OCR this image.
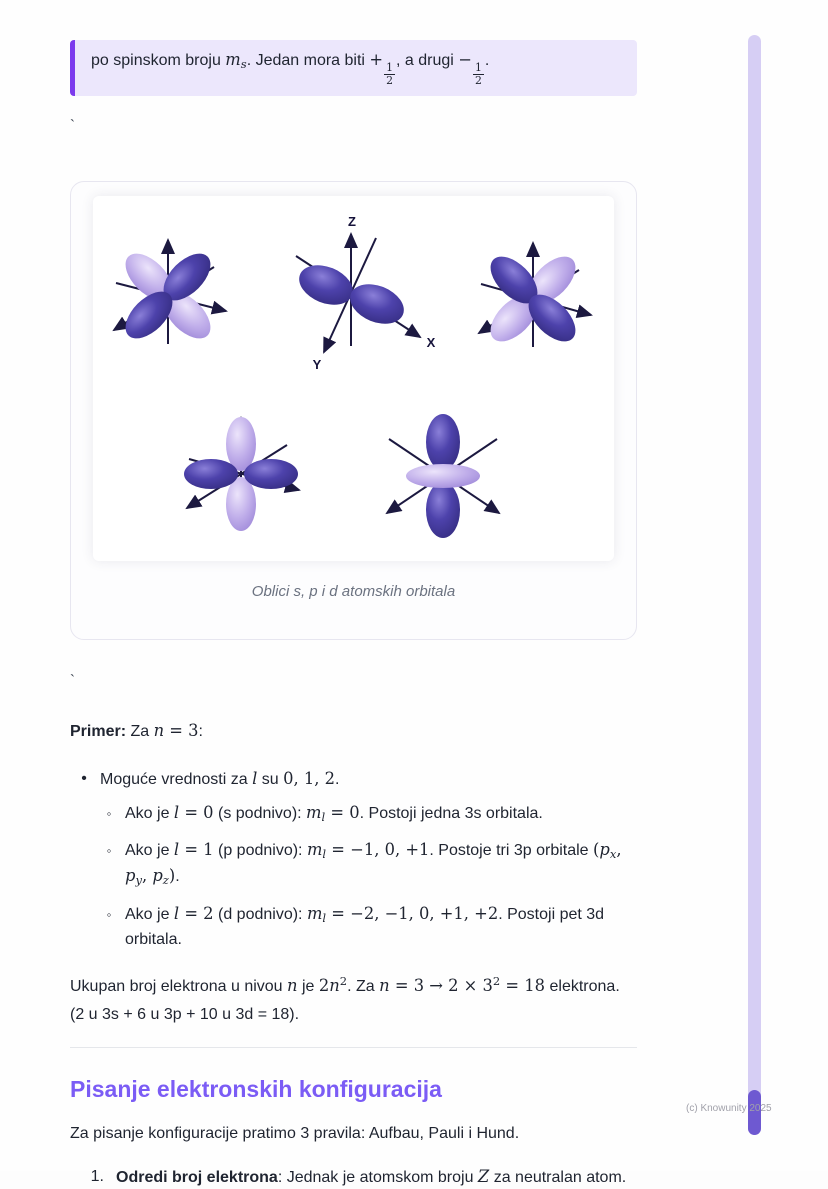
po spinskom broju $m_s$. Jedan mora biti +
$\frac{1}{2}$
, a drugi −
$\frac{1}{2}$
.

`
Z
Y
X
Oblici s, p i d atomskih orbitala
`

Primer: Za n = 3:

• Moguće vrednosti za l su 0, 1, 2.
◦ Ako je l = 0 (s podnivo): $m_l = 0$. Postoji jedna 3s orbitala.
◦ Ako je l = 1 (p podnivo): $m_l = -1$, 0, +1. Postoje tri 3p orbitale ($p_x$, $p_y$, $p_z$).
◦ Ako je l = 2 (d podnivo): $m_l = -2$, −1, 0, +1, +2. Postoji pet 3d orbitala.

Ukupan broj elektrona u nivou n je $2n^2$. Za $n = 3 \to 2 \times 3^2 = 18$ elektrona. (2 u 3s + 6 u 3p + 10 u 3d = 18).

Pisanje elektronskih konfiguracija

Za pisanje konfiguracije pratimo 3 pravila: Aufbau, Pauli i Hund.

1. Odredi broj elektrona: Jednak je atomskom broju Z za neutralan atom.
(c) Knowunity 2025
